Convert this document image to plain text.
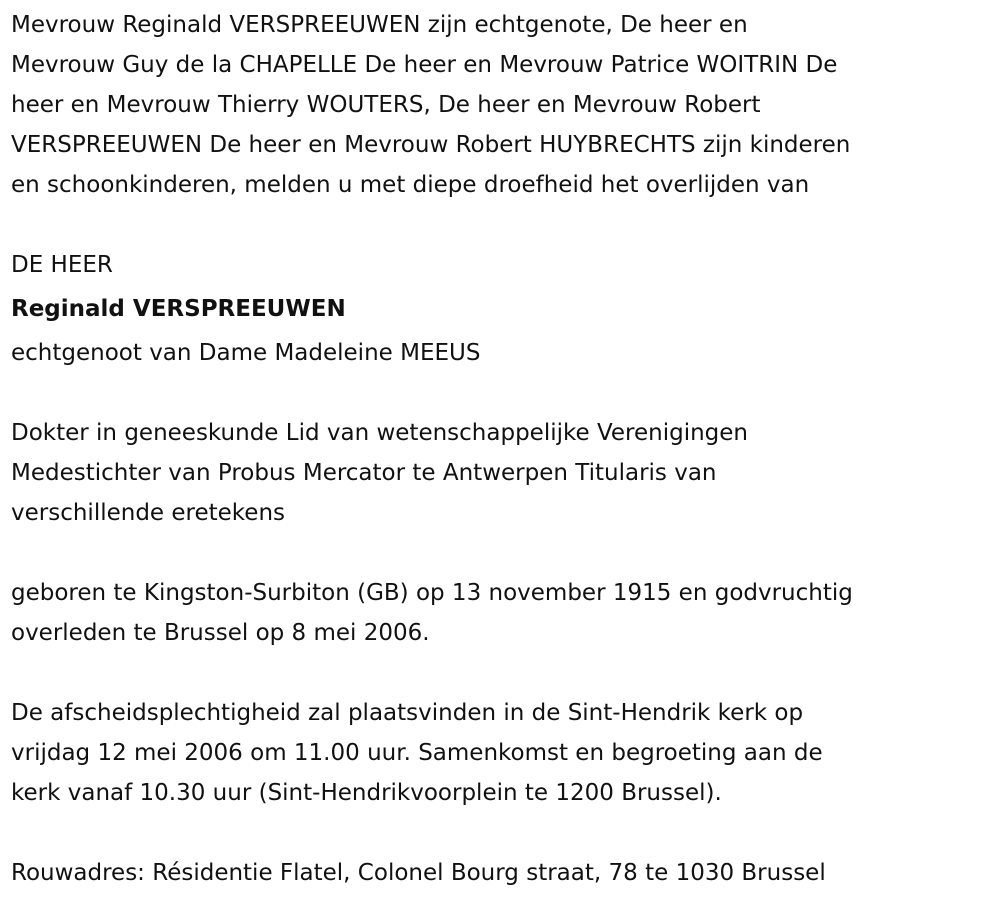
Mevrouw Reginald VERSPREEUWEN zijn echtgenote, De heer en
Mevrouw Guy de la CHAPELLE De heer en Mevrouw Patrice WOITRIN De
heer en Mevrouw Thierry WOUTERS, De heer en Mevrouw Robert
VERSPREEUWEN De heer en Mevrouw Robert HUYBRECHTS zijn kinderen
en schoonkinderen, melden u met diepe droefheid het overlijden van
DE HEER
Reginald VERSPREEUWEN
echtgenoot van Dame Madeleine MEEUS
Dokter in geneeskunde Lid van wetenschappelijke Verenigingen
Medestichter van Probus Mercator te Antwerpen Titularis van
verschillende eretekens
geboren te Kingston-Surbiton (GB) op 13 november 1915 en godvruchtig
overleden te Brussel op 8 mei 2006.
De afscheidsplechtigheid zal plaatsvinden in de Sint-Hendrik kerk op
vrijdag 12 mei 2006 om 11.00 uur. Samenkomst en begroeting aan de
kerk vanaf 10.30 uur (Sint-Hendrikvoorplein te 1200 Brussel).
Rouwadres: Résidentie Flatel, Colonel Bourg straat, 78 te 1030 Brussel
